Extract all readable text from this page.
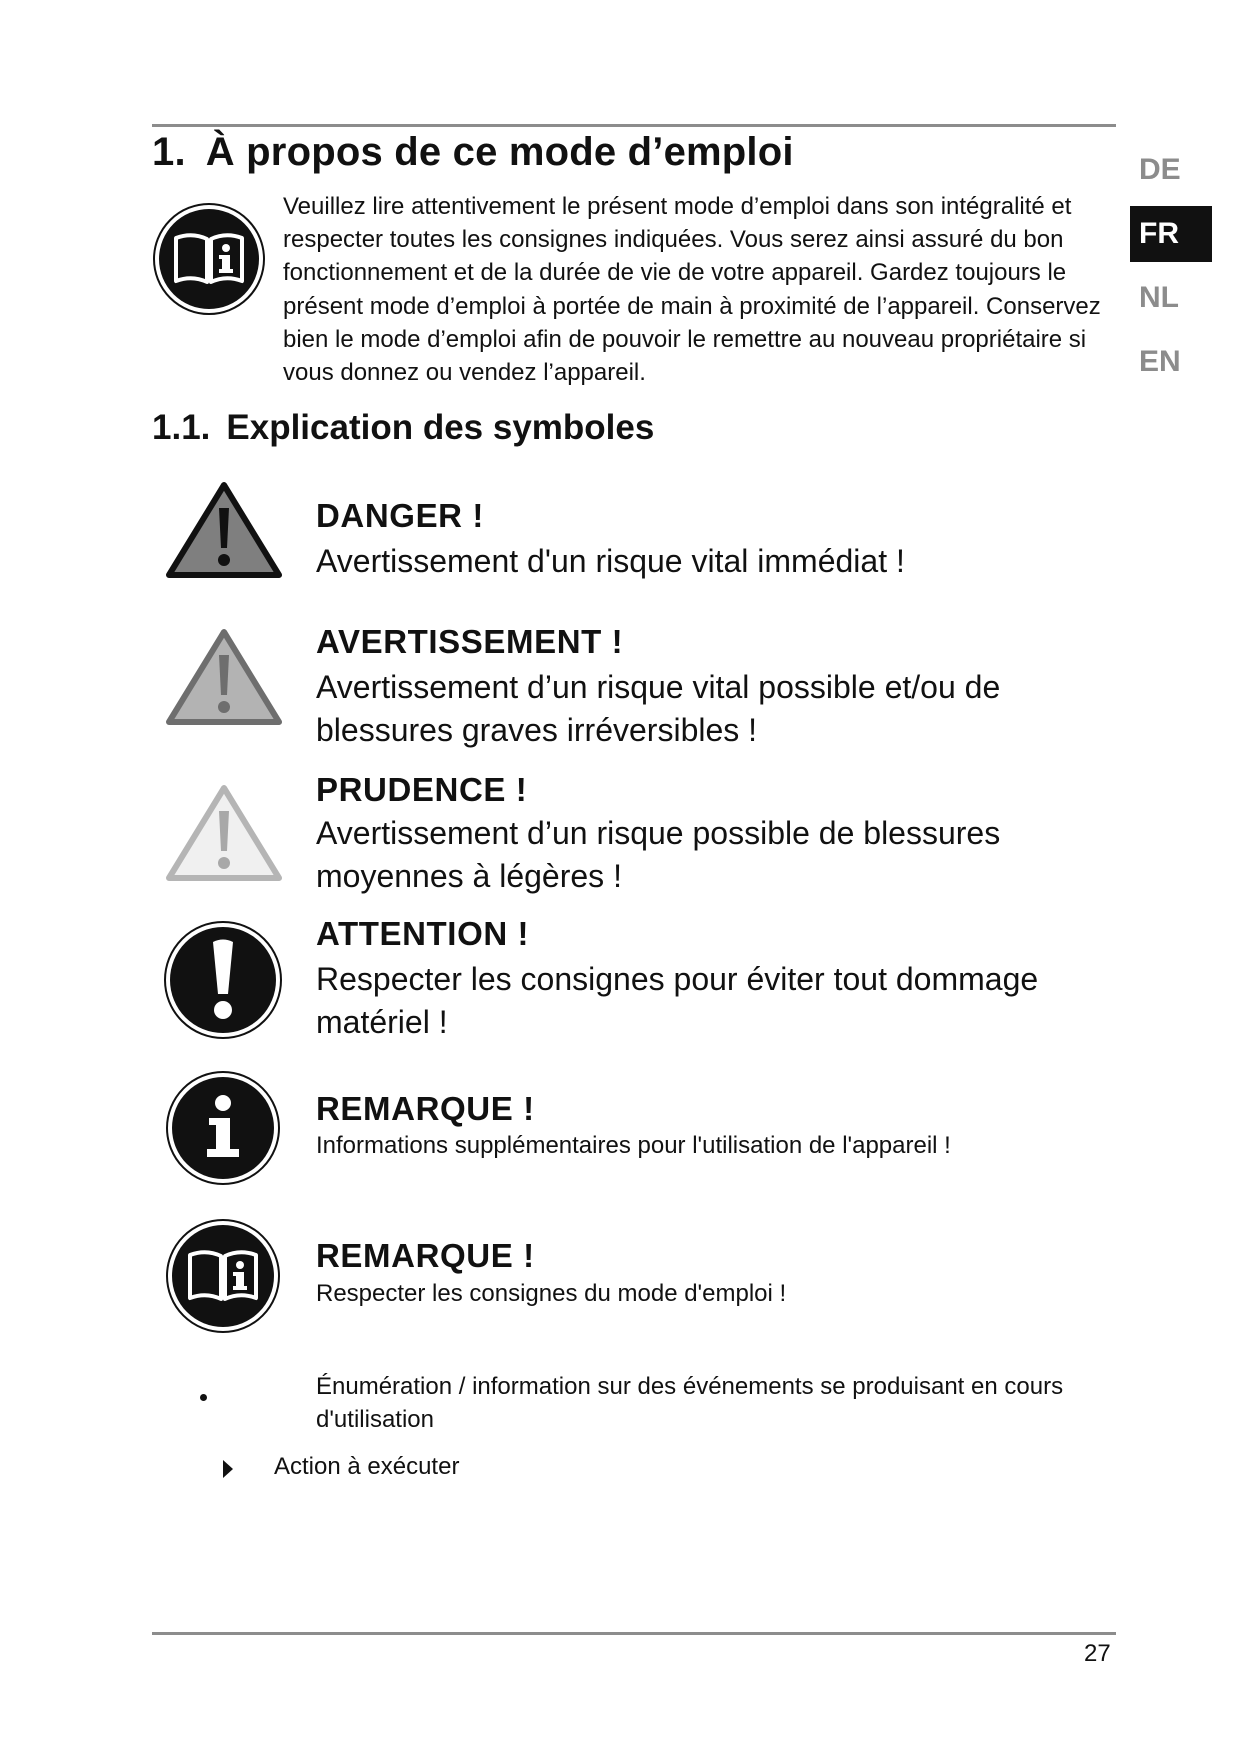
1. À propos de ce mode d’emploi	DE
FR
NL
EN

Veuillez lire attentivement le présent mode d’emploi dans son intégralité et respecter toutes les consignes indiquées. Vous serez ainsi assuré du bon fonctionnement et de la durée de vie de votre appareil. Gardez toujours le présent mode d’emploi à portée de main à proximité de l’appareil. Conservez bien le mode d’emploi afin de pouvoir le remettre au nouveau propriétaire si vous donnez ou vendez l’appareil.

1.1. Explication des symboles

DANGER !

Avertissement d'un risque vital immédiat !

AVERTISSEMENT !

Avertissement d’un risque vital possible et/ou de blessures graves irréversibles !

PRUDENCE !

Avertissement d’un risque possible de blessures moyennes à légères !

ATTENTION !

Respecter les consignes pour éviter tout dommage matériel !

REMARQUE !

Informations supplémentaires pour l'utilisation de l'appareil !

REMARQUE !

Respecter les consignes du mode d'emploi !

Énumération / information sur des événements se produisant en cours d'utilisation

Action à exécuter

27
